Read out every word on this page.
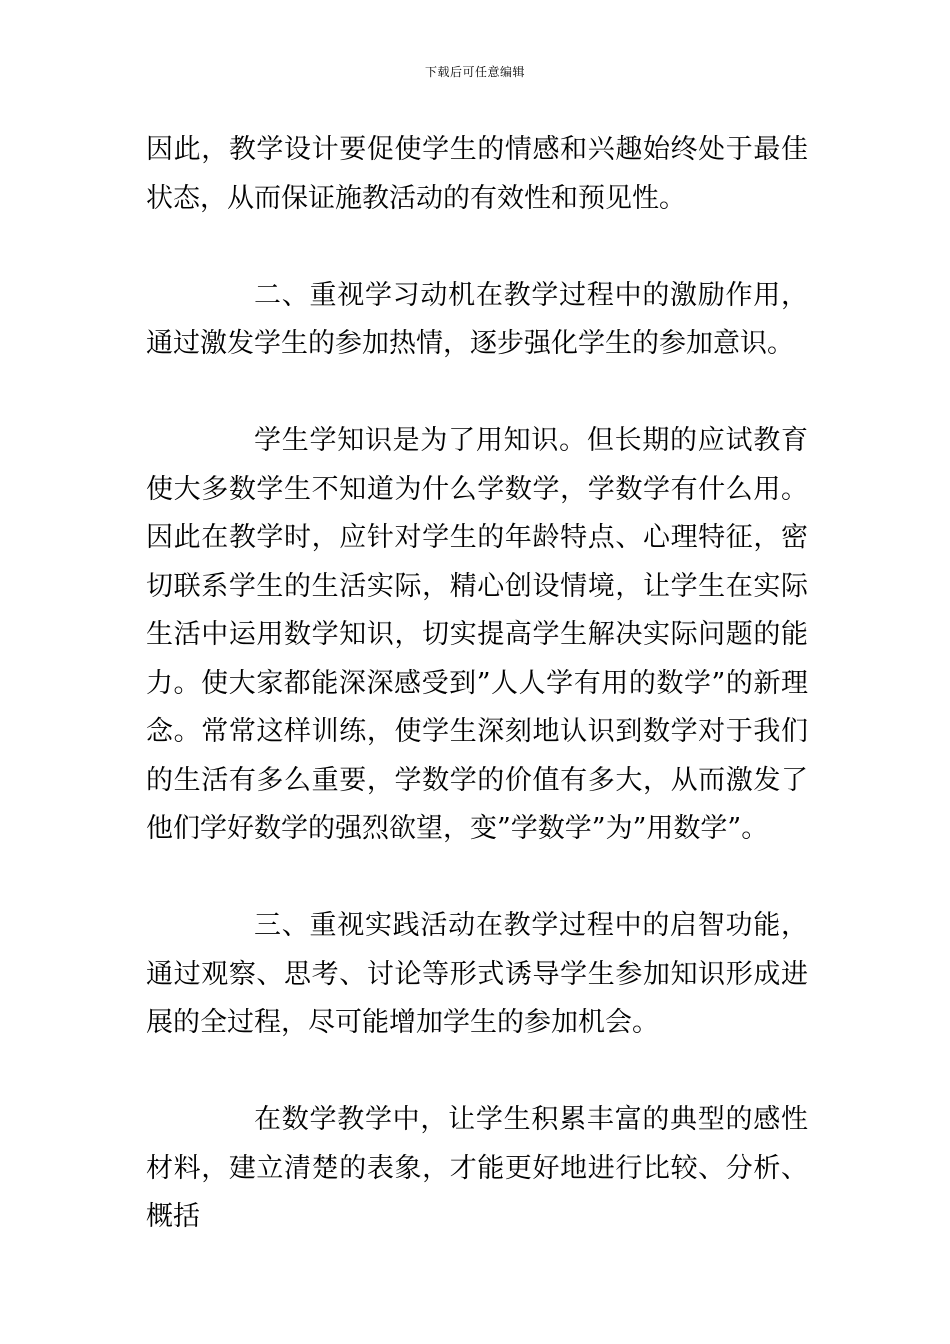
下载后可任意编辑

因此，教学设计要促使学生的情感和兴趣始终处于最佳状态，从而保证施教活动的有效性和预见性。

二、重视学习动机在教学过程中的激励作用，通过激发学生的参加热情，逐步强化学生的参加意识。

学生学知识是为了用知识。但长期的应试教育使大多数学生不知道为什么学数学，学数学有什么用。因此在教学时，应针对学生的年龄特点、心理特征，密切联系学生的生活实际，精心创设情境，让学生在实际生活中运用数学知识，切实提高学生解决实际问题的能力。使大家都能深深感受到”人人学有用的数学”的新理念。常常这样训练，使学生深刻地认识到数学对于我们的生活有多么重要，学数学的价值有多大，从而激发了他们学好数学的强烈欲望，变”学数学”为”用数学”。

三、重视实践活动在教学过程中的启智功能，通过观察、思考、讨论等形式诱导学生参加知识形成进展的全过程，尽可能增加学生的参加机会。

在数学教学中，让学生积累丰富的典型的感性材料，建立清楚的表象，才能更好地进行比较、分析、概括
